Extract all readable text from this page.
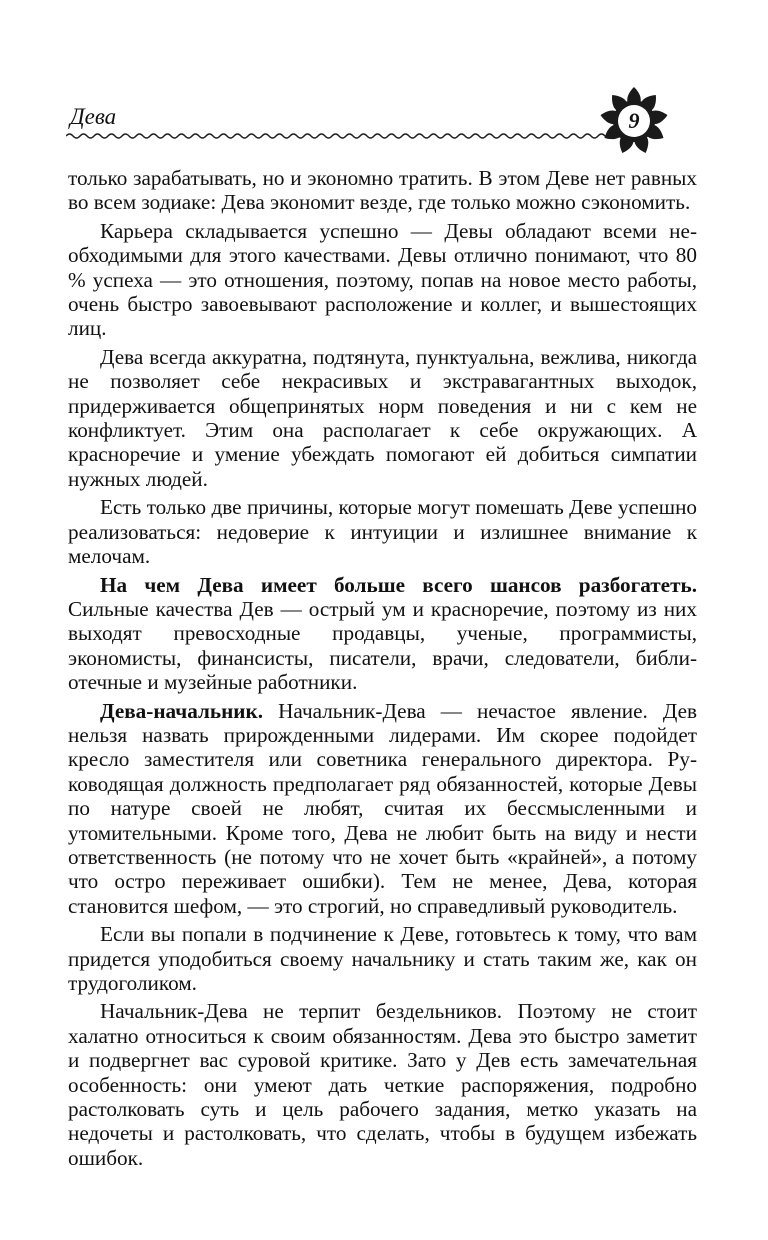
Дева	9

только зарабатывать, но и экономно тратить. В этом Деве нет равных во всем зодиаке: Дева экономит везде, где только можно сэкономить.

Карьера складывается успешно — Девы обладают всеми необходимыми для этого качествами. Девы отлично понимают, что 80 % успеха — это отношения, поэтому, попав на новое место работы, очень быстро завоевывают расположение и коллег, и вышестоящих лиц.

Дева всегда аккуратна, подтянута, пунктуальна, вежлива, никогда не позволяет себе некрасивых и экстравагантных выходок, придерживается общепринятых норм поведения и ни с кем не конфликтует. Этим она располагает к себе окружающих. А красноречие и умение убеждать помогают ей добиться симпатии нужных людей.

Есть только две причины, которые могут помешать Деве успешно реализоваться: недоверие к интуиции и излишнее внимание к мелочам.

На чем Дева имеет больше всего шансов разбогатеть. Сильные качества Дев — острый ум и красноречие, поэтому из них выходят превосходные продавцы, ученые, программисты, экономисты, финансисты, писатели, врачи, следователи, библиотечные и музейные работники.

Дева-начальник. Начальник-Дева — нечастое явление. Дев нельзя назвать прирожденными лидерами. Им скорее подойдет кресло заместителя или советника генерального директора. Руководящая должность предполагает ряд обязанностей, которые Девы по натуре своей не любят, считая их бессмысленными и утомительными. Кроме того, Дева не любит быть на виду и нести ответственность (не потому что не хочет быть «крайней», а потому что остро переживает ошибки). Тем не менее, Дева, которая становится шефом, — это строгий, но справедливый руководитель.

Если вы попали в подчинение к Деве, готовьтесь к тому, что вам придется уподобиться своему начальнику и стать таким же, как он трудоголиком.

Начальник-Дева не терпит бездельников. Поэтому не стоит халатно относиться к своим обязанностям. Дева это быстро заметит и подвергнет вас суровой критике. Зато у Дев есть замечательная особенность: они умеют дать четкие распоряжения, подробно растолковать суть и цель рабочего задания, метко указать на недочеты и растолковать, что сделать, чтобы в будущем избежать ошибок.
